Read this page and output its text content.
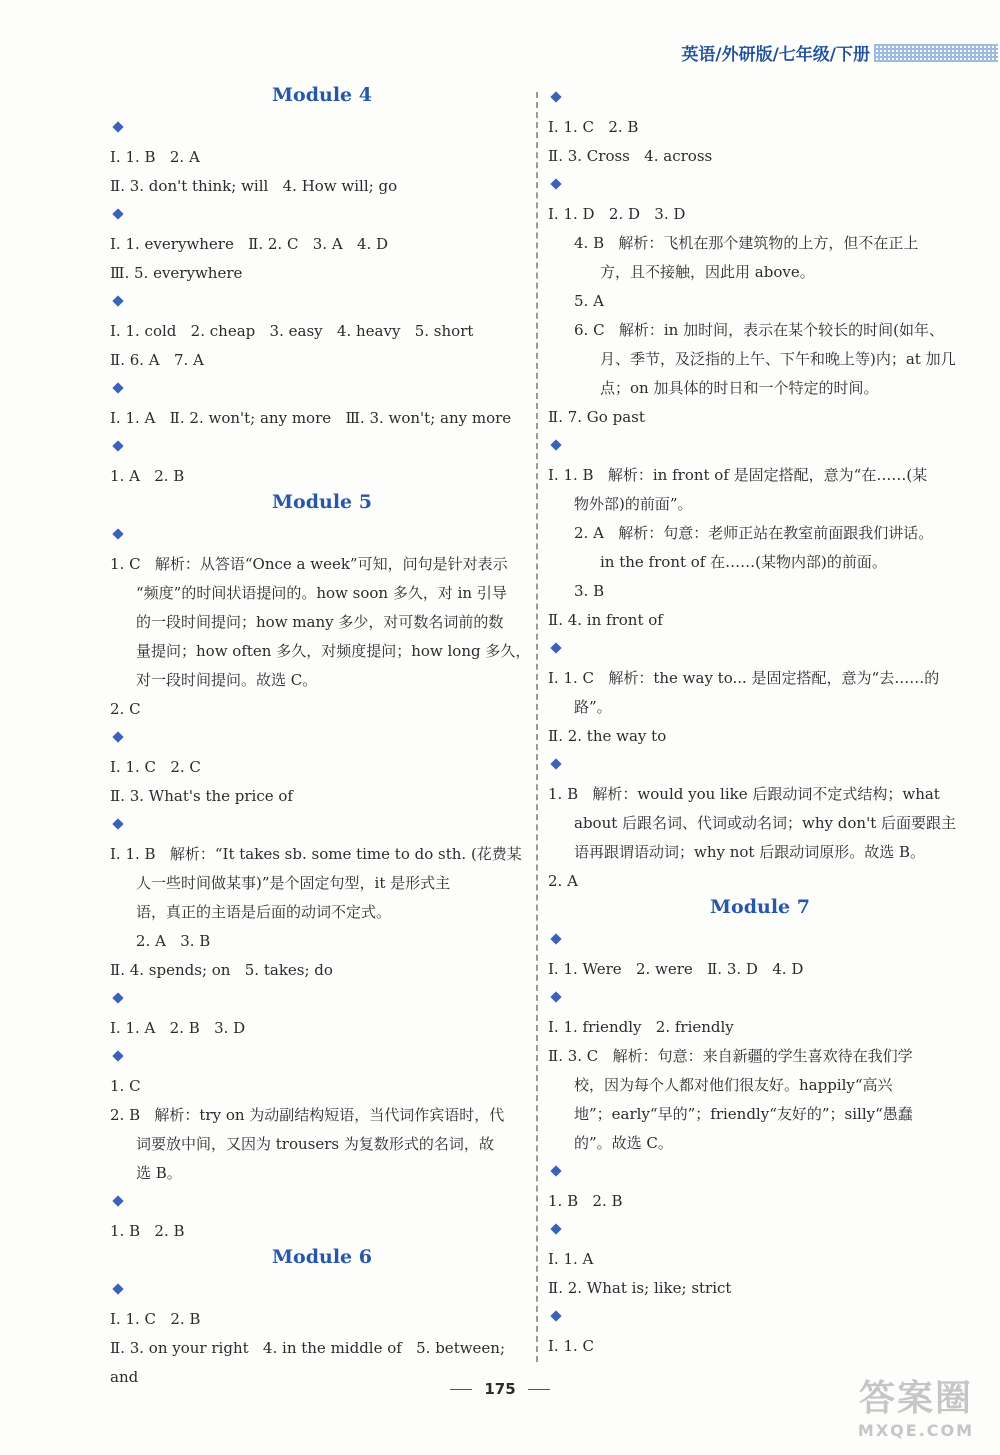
英语/外研版/七年级/下册
Module 4
Ⅰ. 1. B   2. A
Ⅱ. 3. don't think; will   4. How will; go
Ⅰ. 1. everywhere   Ⅱ. 2. C   3. A   4. D
Ⅲ. 5. everywhere
Ⅰ. 1. cold   2. cheap   3. easy   4. heavy   5. short
Ⅱ. 6. A   7. A
Ⅰ. 1. A   Ⅱ. 2. won't; any more   Ⅲ. 3. won't; any more
1. A   2. B
Module 5
1. C   解析：从答语“Once a week”可知，问句是针对表示
“频度”的时间状语提问的。how soon 多久，对 in 引导
的一段时间提问；how many 多少，对可数名词前的数
量提问；how often 多久，对频度提问；how long 多久，
对一段时间提问。故选 C。
2. C
Ⅰ. 1. C   2. C
Ⅱ. 3. What's the price of
Ⅰ. 1. B   解析：“It takes sb. some time to do sth. (花费某
人一些时间做某事)”是个固定句型，it 是形式主
语，真正的主语是后面的动词不定式。
2. A   3. B
Ⅱ. 4. spends; on   5. takes; do
Ⅰ. 1. A   2. B   3. D
1. C
2. B   解析：try on 为动副结构短语，当代词作宾语时，代
词要放中间，又因为 trousers 为复数形式的名词，故
选 B。
1. B   2. B
Module 6
Ⅰ. 1. C   2. B
Ⅱ. 3. on your right   4. in the middle of   5. between; and
Ⅰ. 1. C   2. B
Ⅱ. 3. Cross   4. across
Ⅰ. 1. D   2. D   3. D
4. B   解析：飞机在那个建筑物的上方，但不在正上
方，且不接触，因此用 above。
5. A
6. C   解析：in 加时间，表示在某个较长的时间(如年、
月、季节，及泛指的上午、下午和晚上等)内；at 加几
点；on 加具体的时日和一个特定的时间。
Ⅱ. 7. Go past
Ⅰ. 1. B   解析：in front of 是固定搭配，意为“在……(某
物外部)的前面”。
2. A   解析：句意：老师正站在教室前面跟我们讲话。
in the front of 在……(某物内部)的前面。
3. B
Ⅱ. 4. in front of
Ⅰ. 1. C   解析：the way to... 是固定搭配，意为“去……的
路”。
Ⅱ. 2. the way to
1. B   解析：would you like 后跟动词不定式结构；what
about 后跟名词、代词或动名词；why don't 后面要跟主
语再跟谓语动词；why not 后跟动词原形。故选 B。
2. A
Module 7
Ⅰ. 1. Were   2. were   Ⅱ. 3. D   4. D
Ⅰ. 1. friendly   2. friendly
Ⅱ. 3. C   解析：句意：来自新疆的学生喜欢待在我们学
校，因为每个人都对他们很友好。happily“高兴
地”；early“早的”；friendly“友好的”；silly“愚蠢
的”。故选 C。
1. B   2. B
Ⅰ. 1. A
Ⅱ. 2. What is; like; strict
Ⅰ. 1. C
175	答案圈
MXQE.COM
